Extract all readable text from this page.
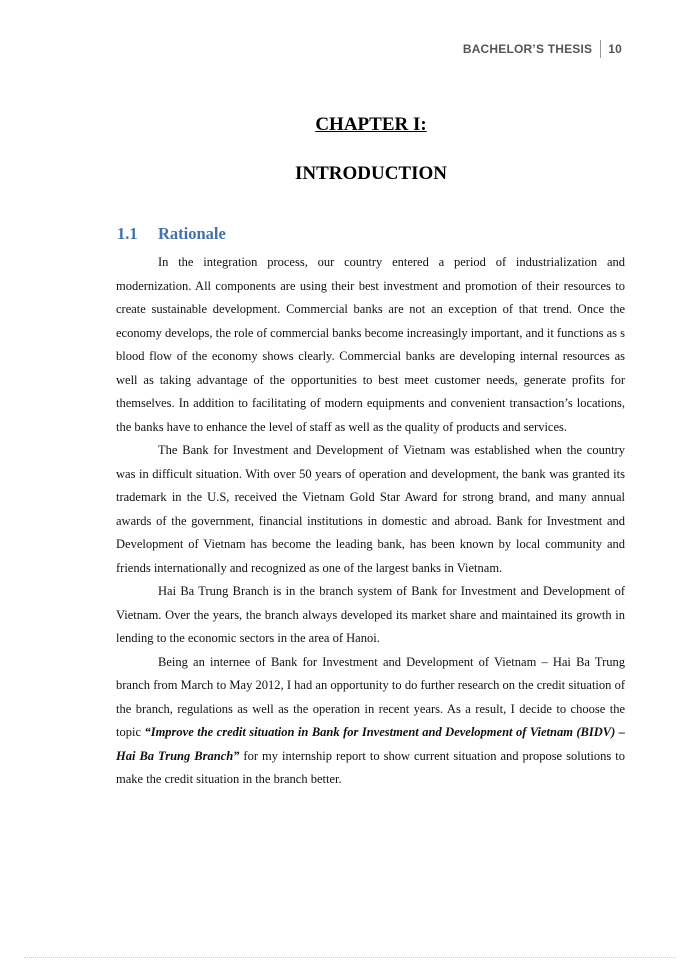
BACHELOR’S THESIS 10
CHAPTER I:
INTRODUCTION
1.1 Rationale

In the integration process, our country entered a period of industrialization and modernization. All components are using their best investment and promotion of their resources to create sustainable development. Commercial banks are not an exception of that trend. Once the economy develops, the role of commercial banks become increasingly important, and it functions as s blood flow of the economy shows clearly. Commercial banks are developing internal resources as well as taking advantage of the opportunities to best meet customer needs, generate profits for themselves. In addition to facilitating of modern equipments and convenient transaction’s locations, the banks have to enhance the level of staff as well as the quality of products and services.

The Bank for Investment and Development of Vietnam was established when the country was in difficult situation. With over 50 years of operation and development, the bank was granted its trademark in the U.S, received the Vietnam Gold Star Award for strong brand, and many annual awards of the government, financial institutions in domestic and abroad. Bank for Investment and Development of Vietnam has become the leading bank, has been known by local community and friends internationally and recognized as one of the largest banks in Vietnam.

Hai Ba Trung Branch is in the branch system of Bank for Investment and Development of Vietnam. Over the years, the branch always developed its market share and maintained its growth in lending to the economic sectors in the area of Hanoi.

Being an internee of Bank for Investment and Development of Vietnam – Hai Ba Trung branch from March to May 2012, I had an opportunity to do further research on the credit situation of the branch, regulations as well as the operation in recent years. As a result, I decide to choose the topic “Improve the credit situation in Bank for Investment and Development of Vietnam (BIDV) – Hai Ba Trung Branch” for my internship report to show current situation and propose solutions to make the credit situation in the branch better.
